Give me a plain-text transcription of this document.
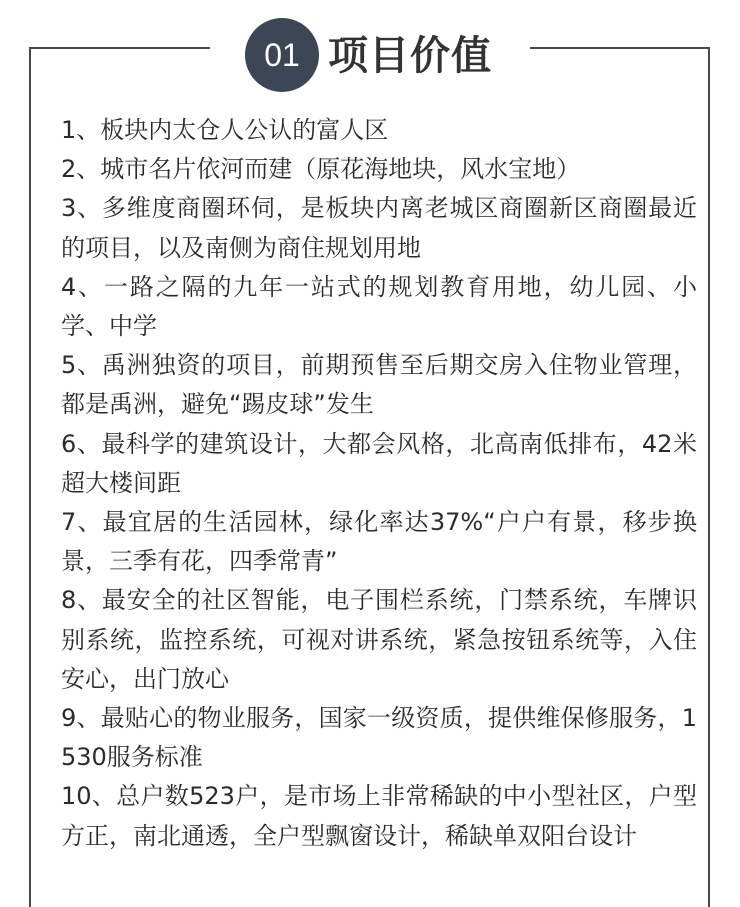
01 项目价值
1、板块内太仓人公认的富人区
2、城市名片依河而建（原花海地块，风水宝地）
3、多维度商圈环伺，是板块内离老城区商圈新区商圈最近的项目，以及南侧为商住规划用地
4、一路之隔的九年一站式的规划教育用地，幼儿园、小学、中学
5、禹洲独资的项目，前期预售至后期交房入住物业管理，都是禹洲，避免“踢皮球”发生
6、最科学的建筑设计，大都会风格，北高南低排布，42米超大楼间距
7、最宜居的生活园林，绿化率达37%“户户有景，移步换景，三季有花，四季常青”
8、最安全的社区智能，电子围栏系统，门禁系统，车牌识别系统，监控系统，可视对讲系统，紧急按钮系统等，入住安心，出门放心
9、最贴心的物业服务，国家一级资质，提供维保修服务，1530服务标准
10、总户数523户，是市场上非常稀缺的中小型社区，户型方正，南北通透，全户型飘窗设计，稀缺单双阳台设计
